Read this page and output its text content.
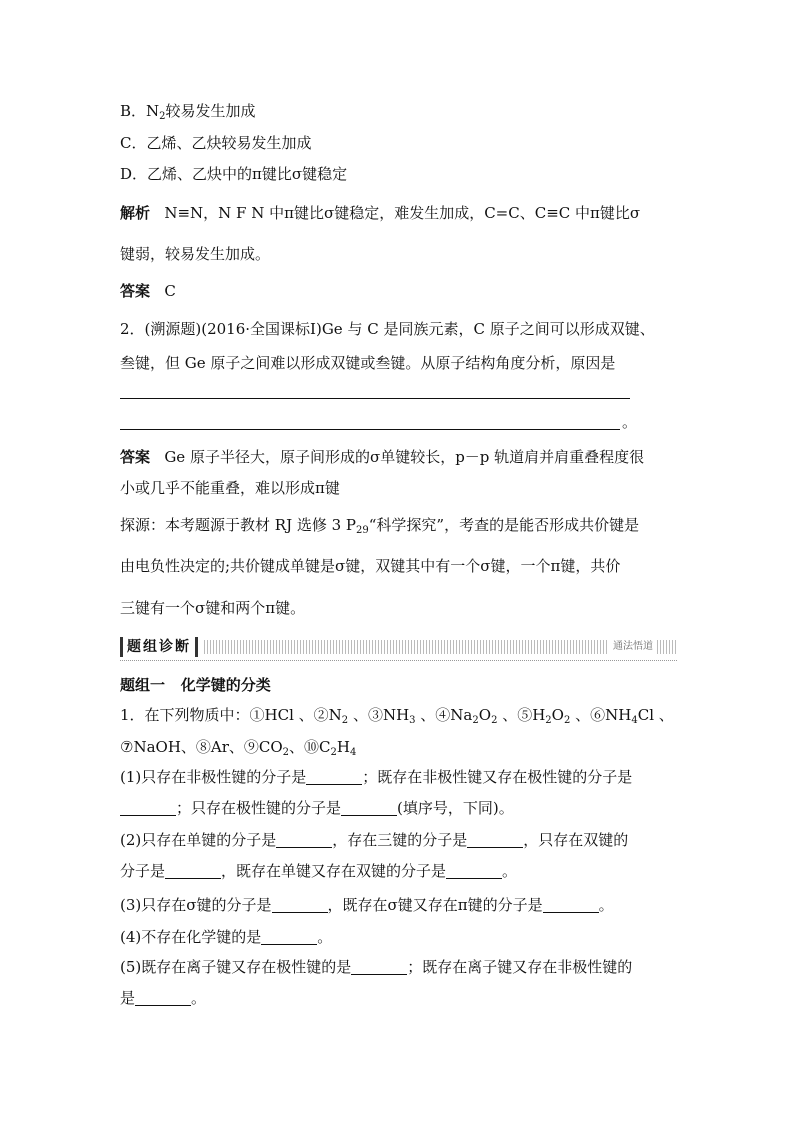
B．$N_2$较易发生加成
C．乙烯、乙炔较易发生加成
D．乙烯、乙炔中的π键比σ键稳定
解析 N≡N，N F N 中π键比σ键稳定，难发生加成，C=C、C≡C 中π键比σ
键弱，较易发生加成。
答案 C
2．(溯源题)(2016·全国课标Ⅰ)Ge 与 C 是同族元素，C 原子之间可以形成双键、
叁键，但 Ge 原子之间难以形成双键或叁键。从原子结构角度分析，原因是
。
答案 Ge 原子半径大，原子间形成的σ单键较长，p－p 轨道肩并肩重叠程度很
小或几乎不能重叠，难以形成π键
探源：本考题源于教材 RJ 选修 3 $P_{29}“$科学探究”，考查的是能否形成共价键是
由电负性决定的;共价键成单键是σ键，双键其中有一个σ键，一个π键，共价
三键有一个σ键和两个π键。
题组诊断	通法悟道
题组一 化学键的分类
1．在下列物质中：①HCl 、$②N_2$ 、$③NH_3$ 、$④Na_2O_2$ 、$⑤H_2O_2$ 、$⑥NH_4Cl$ 、
⑦NaOH、⑧Ar、$⑨CO_2$、$⑩C_2H_4$
(1)只存在非极性键的分子是	；既存在非极性键又存在极性键的分子是
；只存在极性键的分子是	(填序号，下同)。
(2)只存在单键的分子是	，存在三键的分子是	，只存在双键的
分子是	，既存在单键又存在双键的分子是	。
(3)只存在σ键的分子是	，既存在σ键又存在π键的分子是	。
(4)不存在化学键的是	。
(5)既存在离子键又存在极性键的是	；既存在离子键又存在非极性键的
是	。
